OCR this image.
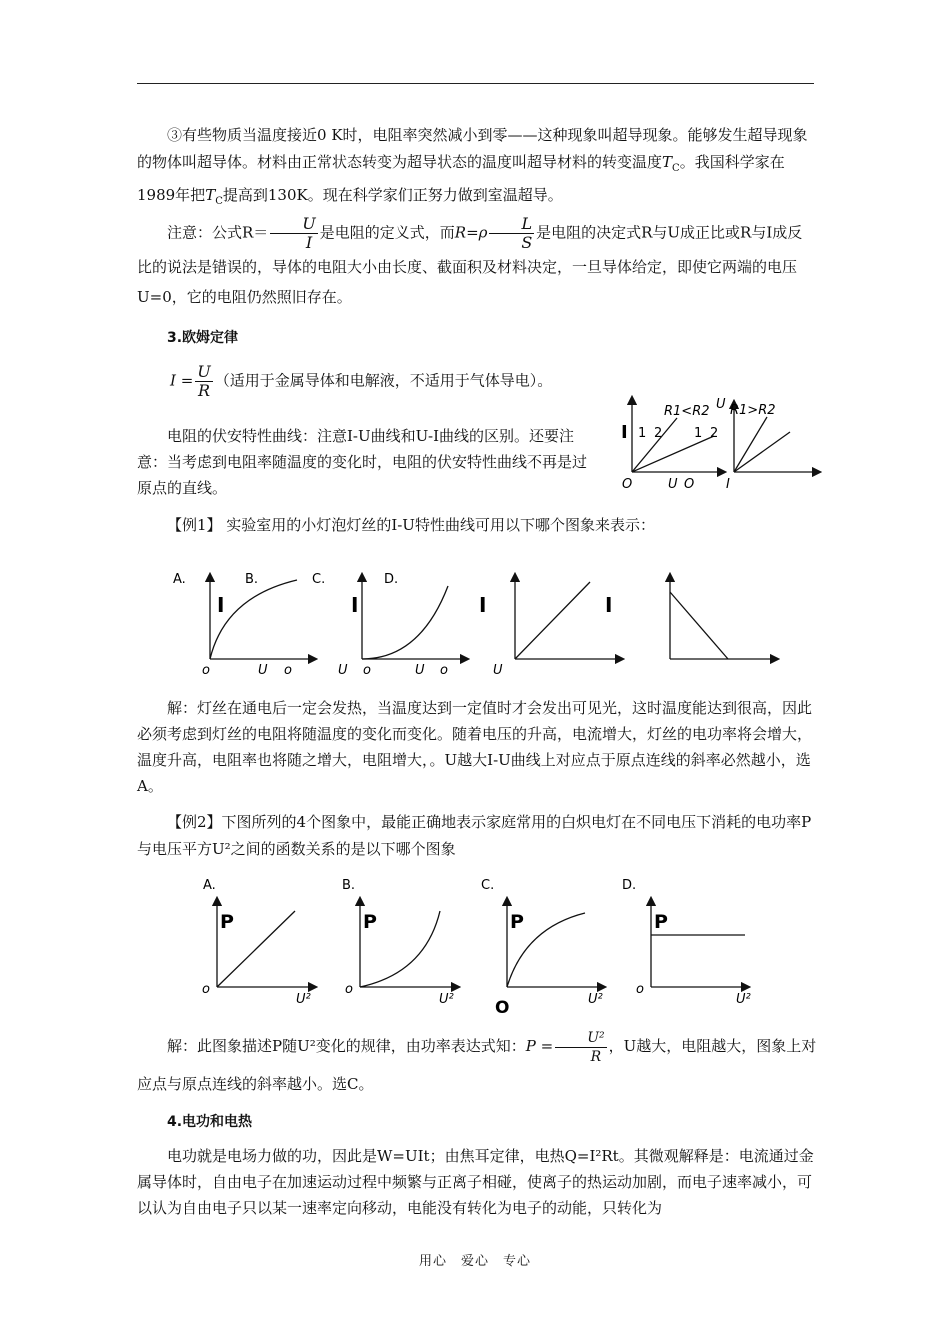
③有些物质当温度接近0 K时，电阻率突然减小到零——这种现象叫超导现象。能够发生超导现象的物体叫超导体。材料由正常状态转变为超导状态的温度叫超导材料的转变温度$T_C$。我国科学家在1989年把$T_C$提高到130K。现在科学家们正努力做到室温超导。
注意：公式$R= \frac{U}{I}$ 是电阻的定义式，而$R=\rho \frac{L}{S}$ 是电阻的决定式R与U成正比或R与I成反比的说法是错误的，导体的电阻大小由长度、截面积及材料决定，一旦导体给定，即使它两端的电压U=0，它的电阻仍然照旧存在。
3.欧姆定律
$I = \frac{U}{R}$ （适用于金属导体和电解液，不适用于气体导电）。
电阻的伏安特性曲线：注意I-U曲线和U-I曲线的区别。还要注意：当考虑到电阻率随温度的变化时，电阻的伏安特性曲线不再是过原点的直线。
R1<R2
I 1 2 1 2
O	U O
U R1>R2
I
【例1】 实验室用的小灯泡灯丝的I-U特性曲线可用以下哪个图象来表示：
A.	B.	C.	D.
I
o	U o
I
U o	U o
I
U
I
解：灯丝在通电后一定会发热，当温度达到一定值时才会发出可见光，这时温度能达到很高，因此必须考虑到灯丝的电阻将随温度的变化而变化。随着电压的升高，电流增大，灯丝的电功率将会增大，温度升高，电阻率也将随之增大，电阻增大，。U越大I-U曲线上对应点于原点连线的斜率必然越小，选A。
【例2】下图所列的4个图象中，最能正确地表示家庭常用的白炽电灯在不同电压下消耗的电功率P与电压平方U²之间的函数关系的是以下哪个图象
A.	B.	C.	D.
P
o
U²
P
o
U²
P
O	U²
P
o
U²
解：此图象描述P随U²变化的规律，由功率表达式知：$P = \frac{\text{U²}}{R}$ ，U越大，电阻越大，图象上对应点与原点连线的斜率越小。选C。
4.电功和电热
电功就是电场力做的功，因此是W=UIt；由焦耳定律，电热Q=I²Rt。其微观解释是：电流通过金属导体时，自由电子在加速运动过程中频繁与正离子相碰，使离子的热运动加剧，而电子速率减小，可以认为自由电子只以某一速率定向移动，电能没有转化为电子的动能，只转化为
用心　爱心　专心
